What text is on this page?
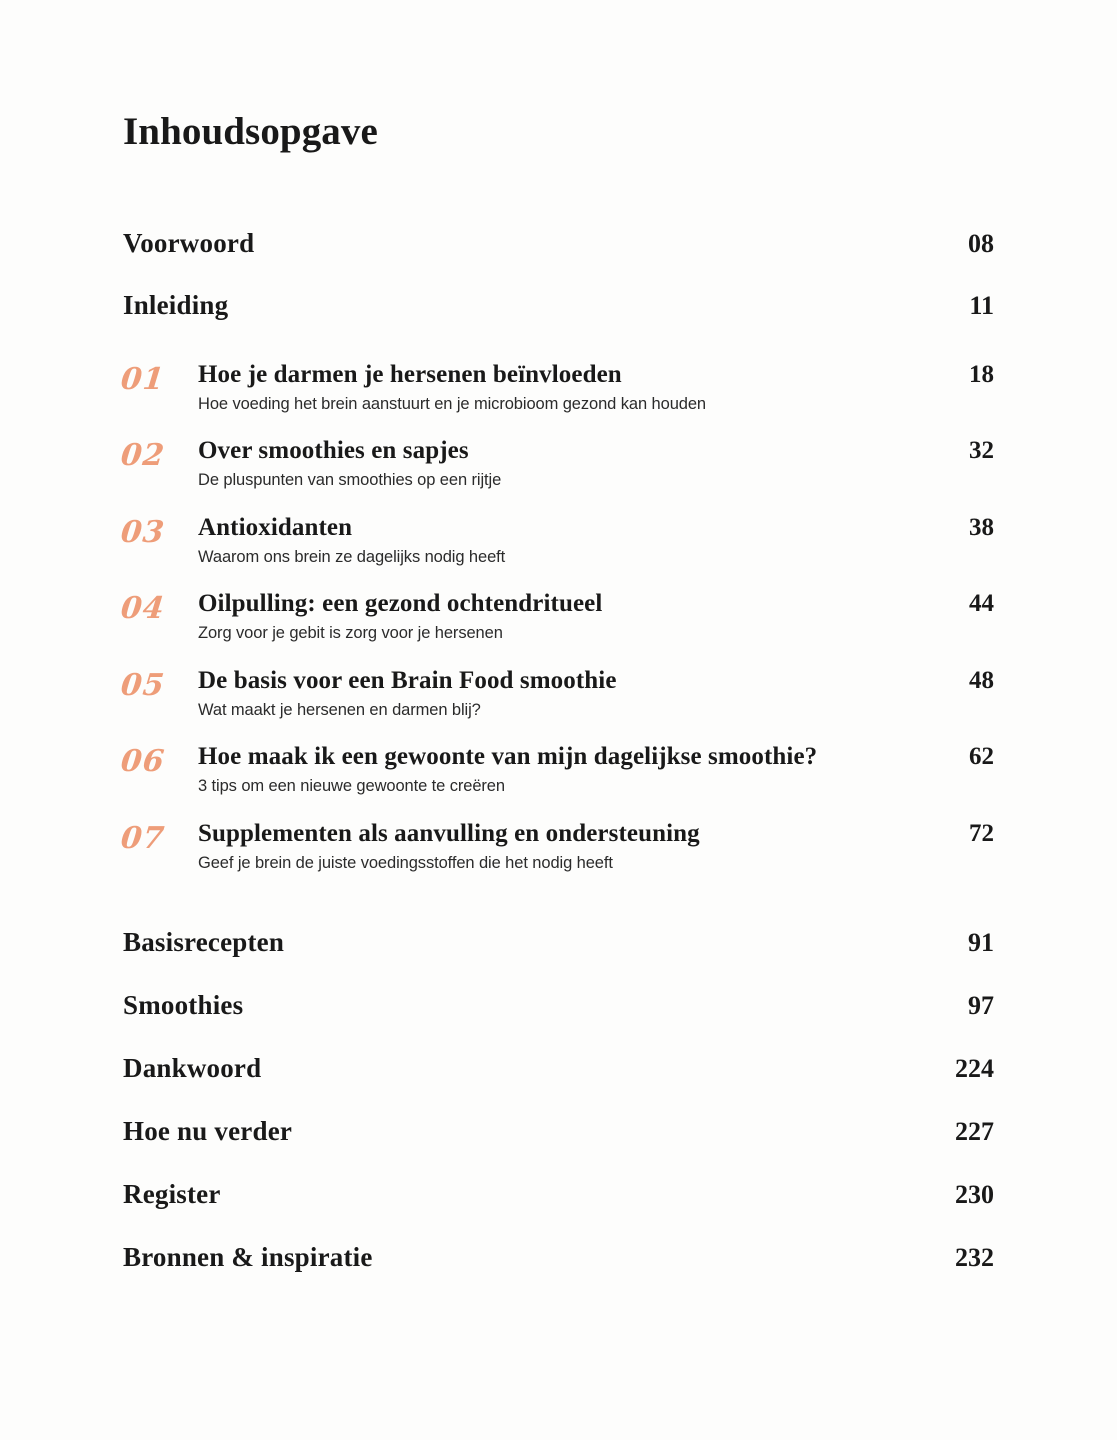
Inhoudsopgave
Voorwoord	08
Inleiding	11
01	Hoe je darmen je hersenen beïnvloeden	18
Hoe voeding het brein aanstuurt en je microbioom gezond kan houden
02	Over smoothies en sapjes	32
De pluspunten van smoothies op een rijtje
03	Antioxidanten	38
Waarom ons brein ze dagelijks nodig heeft
04	Oilpulling: een gezond ochtendritueel	44
Zorg voor je gebit is zorg voor je hersenen
05	De basis voor een Brain Food smoothie	48
Wat maakt je hersenen en darmen blij?
06	Hoe maak ik een gewoonte van mijn dagelijkse smoothie?	62
3 tips om een nieuwe gewoonte te creëren
07	Supplementen als aanvulling en ondersteuning	72
Geef je brein de juiste voedingsstoffen die het nodig heeft
Basisrecepten	91
Smoothies	97
Dankwoord	224
Hoe nu verder	227
Register	230
Bronnen & inspiratie	232
